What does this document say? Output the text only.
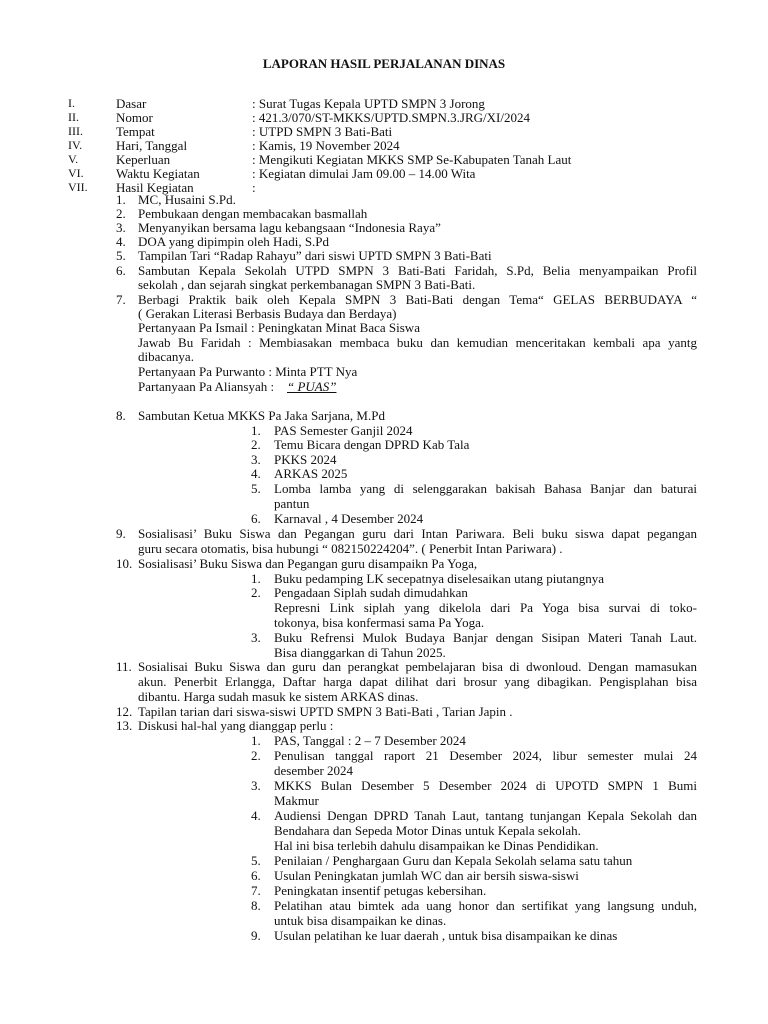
LAPORAN HASIL PERJALANAN DINAS
I.	Dasar	: Surat Tugas Kepala UPTD SMPN 3 Jorong
II.	Nomor	: 421.3/070/ST-MKKS/UPTD.SMPN.3.JRG/XI/2024
III.	Tempat	: UTPD SMPN 3 Bati-Bati
IV.	Hari, Tanggal	: Kamis, 19 November 2024
V.	Keperluan	: Mengikuti Kegiatan MKKS SMP Se-Kabupaten Tanah Laut
VI. Waktu Kegiatan	: Kegiatan dimulai Jam 09.00 – 14.00 Wita
VII. Hasil Kegiatan	:
1. MC, Husaini S.Pd.
2. Pembukaan dengan membacakan basmallah
3. Menyanyikan bersama lagu kebangsaan “Indonesia Raya”
4. DOA yang dipimpin oleh Hadi, S.Pd
5. Tampilan Tari “Radap Rahayu” dari siswi UPTD SMPN 3 Bati-Bati
6. Sambutan Kepala Sekolah UTPD SMPN 3 Bati-Bati Faridah, S.Pd, Belia menyampaikan Profil
sekolah , dan sejarah singkat perkembanagan SMPN 3 Bati-Bati.
7. Berbagi Praktik baik oleh Kepala SMPN 3 Bati-Bati dengan Tema“ GELAS BERBUDAYA “
( Gerakan Literasi Berbasis Budaya dan Berdaya)
Pertanyaan Pa Ismail : Peningkatan Minat Baca Siswa
Jawab Bu Faridah : Membiasakan membaca buku dan kemudian menceritakan kembali apa yantg
dibacanya.
Pertanyaan Pa Purwanto : Minta PTT Nya
Partanyaan Pa Aliansyah : “ PUAS”
8. Sambutan Ketua MKKS Pa Jaka Sarjana, M.Pd
1. PAS Semester Ganjil 2024
2. Temu Bicara dengan DPRD Kab Tala
3. PKKS 2024
4. ARKAS 2025
5. Lomba lamba yang di selenggarakan bakisah Bahasa Banjar dan baturai
pantun
6. Karnaval , 4 Desember 2024
9. Sosialisasi’ Buku Siswa dan Pegangan guru dari Intan Pariwara. Beli buku siswa dapat pegangan
guru secara otomatis, bisa hubungi “ 082150224204”. ( Penerbit Intan Pariwara) .
10. Sosialisasi’ Buku Siswa dan Pegangan guru disampaikn Pa Yoga,
1. Buku pedamping LK secepatnya diselesaikan utang piutangnya
2. Pengadaan Siplah sudah dimudahkan
Represni Link siplah yang dikelola dari Pa Yoga bisa survai di toko-
tokonya, bisa konfermasi sama Pa Yoga.
3. Buku Refrensi Mulok Budaya Banjar dengan Sisipan Materi Tanah Laut.
Bisa dianggarkan di Tahun 2025.
11. Sosialisai Buku Siswa dan guru dan perangkat pembelajaran bisa di dwonloud. Dengan mamasukan
akun. Penerbit Erlangga, Daftar harga dapat dilihat dari brosur yang dibagikan. Pengisplahan bisa
dibantu. Harga sudah masuk ke sistem ARKAS dinas.
12. Tapilan tarian dari siswa-siswi UPTD SMPN 3 Bati-Bati , Tarian Japin .
13. Diskusi hal-hal yang dianggap perlu :
1. PAS, Tanggal : 2 – 7 Desember 2024
2. Penulisan tanggal raport 21 Desember 2024, libur semester mulai 24
desember 2024
3. MKKS Bulan Desember 5 Desember 2024 di UPOTD SMPN 1 Bumi
Makmur
4. Audiensi Dengan DPRD Tanah Laut, tantang tunjangan Kepala Sekolah dan
Bendahara dan Sepeda Motor Dinas untuk Kepala sekolah.
Hal ini bisa terlebih dahulu disampaikan ke Dinas Pendidikan.
5. Penilaian / Penghargaan Guru dan Kepala Sekolah selama satu tahun
6. Usulan Peningkatan jumlah WC dan air bersih siswa-siswi
7. Peningkatan insentif petugas kebersihan.
8. Pelatihan atau bimtek ada uang honor dan sertifikat yang langsung unduh,
untuk bisa disampaikan ke dinas.
9. Usulan pelatihan ke luar daerah , untuk bisa disampaikan ke dinas
